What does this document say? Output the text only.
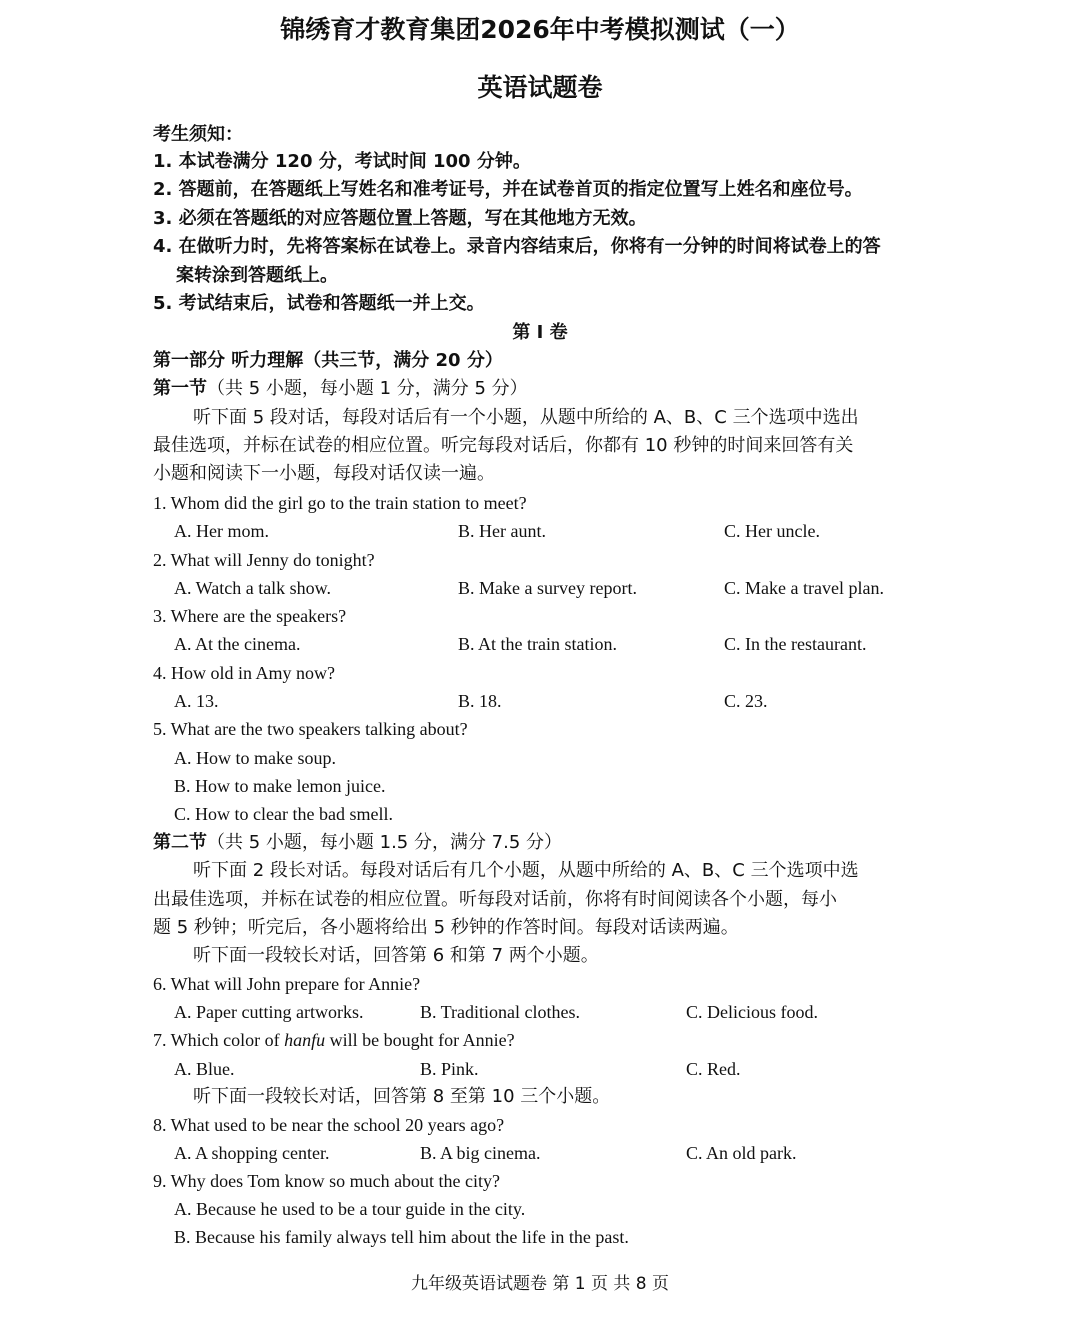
锦绣育才教育集团2026年中考模拟测试（一）
英语试题卷
考生须知：
1. 本试卷满分 120 分，考试时间 100 分钟。
2. 答题前，在答题纸上写姓名和准考证号，并在试卷首页的指定位置写上姓名和座位号。
3. 必须在答题纸的对应答题位置上答题，写在其他地方无效。
4. 在做听力时，先将答案标在试卷上。录音内容结束后，你将有一分钟的时间将试卷上的答
案转涂到答题纸上。
5. 考试结束后，试卷和答题纸一并上交。
第 I 卷
第一部分 听力理解（共三节，满分 20 分）
第一节（共 5 小题，每小题 1 分，满分 5 分）
听下面 5 段对话，每段对话后有一个小题，从题中所给的 A、B、C 三个选项中选出
最佳选项，并标在试卷的相应位置。听完每段对话后，你都有 10 秒钟的时间来回答有关
小题和阅读下一小题，每段对话仅读一遍。
1. Whom did the girl go to the train station to meet?
A. Her mom.	B. Her aunt.	C. Her uncle.
2. What will Jenny do tonight?
A. Watch a talk show.	B. Make a survey report.	C. Make a travel plan.
3. Where are the speakers?
A. At the cinema.	B. At the train station.	C. In the restaurant.
4. How old in Amy now?
A. 13.	B. 18.	C. 23.
5. What are the two speakers talking about?
A. How to make soup.
B. How to make lemon juice.
C. How to clear the bad smell.
第二节（共 5 小题，每小题 1.5 分，满分 7.5 分）
听下面 2 段长对话。每段对话后有几个小题，从题中所给的 A、B、C 三个选项中选
出最佳选项，并标在试卷的相应位置。听每段对话前，你将有时间阅读各个小题，每小
题 5 秒钟；听完后，各小题将给出 5 秒钟的作答时间。每段对话读两遍。
听下面一段较长对话，回答第 6 和第 7 两个小题。
6. What will John prepare for Annie?
A. Paper cutting artworks.	B. Traditional clothes.	C. Delicious food.
7. Which color of hanfu will be bought for Annie?
A. Blue.	B. Pink.	C. Red.
听下面一段较长对话，回答第 8 至第 10 三个小题。
8. What used to be near the school 20 years ago?
A. A shopping center.	B. A big cinema.	C. An old park.
9. Why does Tom know so much about the city?
A. Because he used to be a tour guide in the city.
B. Because his family always tell him about the life in the past.
九年级英语试题卷 第 1 页 共 8 页
